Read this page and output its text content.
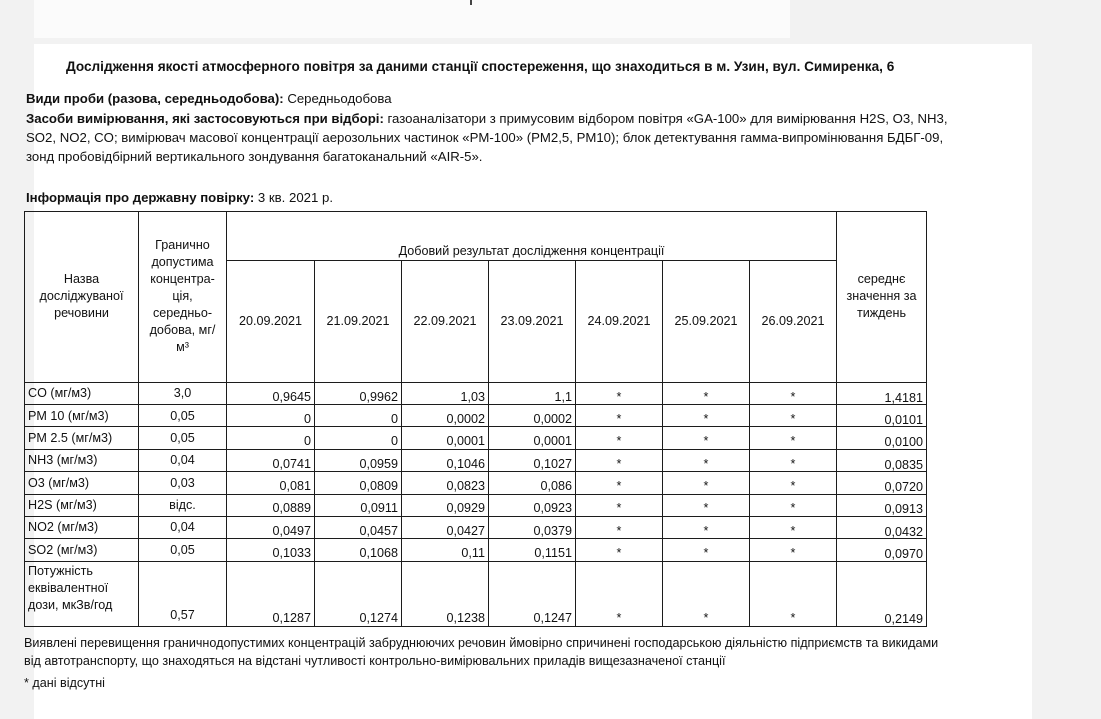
Дослідження якості атмосферного повітря за даними станції спостереження, що знаходиться в м. Узин, вул. Симиренка, 6
Види проби (разова, середньодобова): Середньодобова
Засоби вимірювання, які застосовуються при відборі: газоаналізатори з примусовим відбором повітря «GA-100» для вимірювання H2S, O3, NH3, SO2, NO2, CO; вимірювач масової концентрації аерозольних частинок «PM-100» (PM2,5, PM10); блок детектування гамма-випромінювання БДБГ-09, зонд пробовідбірний вертикального зондування багатоканальний «AIR-5».
Інформація про державну повірку: 3 кв. 2021 р.
Назва досліджуваної речовини	Гранично допустима концентра-ція, середньо-добова, мг/м³	Добовий результат дослідження концентрації							середнє значення за тиждень
		20.09.2021	21.09.2021	22.09.2021	23.09.2021	24.09.2021	25.09.2021	26.09.2021	
CO (мг/м3)	3,0	0,9645	0,9962	1,03	1,1	*	*	*	1,4181
PM 10 (мг/м3)	0,05	0	0	0,0002	0,0002	*	*	*	0,0101
PM 2.5 (мг/м3)	0,05	0	0	0,0001	0,0001	*	*	*	0,0100
NH3 (мг/м3)	0,04	0,0741	0,0959	0,1046	0,1027	*	*	*	0,0835
O3 (мг/м3)	0,03	0,081	0,0809	0,0823	0,086	*	*	*	0,0720
H2S (мг/м3)	відс.	0,0889	0,0911	0,0929	0,0923	*	*	*	0,0913
NO2 (мг/м3)	0,04	0,0497	0,0457	0,0427	0,0379	*	*	*	0,0432
SO2 (мг/м3)	0,05	0,1033	0,1068	0,11	0,1151	*	*	*	0,0970
Потужність еквівалентної дози, мкЗв/год	0,57	0,1287	0,1274	0,1238	0,1247	*	*	*	0,2149
Виявлені перевищення граничнодопустимих концентрацій забруднюючих речовин ймовірно спричинені господарською діяльністю підприємств та викидами від автотранспорту, що знаходяться на відстані чутливості контрольно-вимірювальних приладів вищезазначеної станції
* дані відсутні
